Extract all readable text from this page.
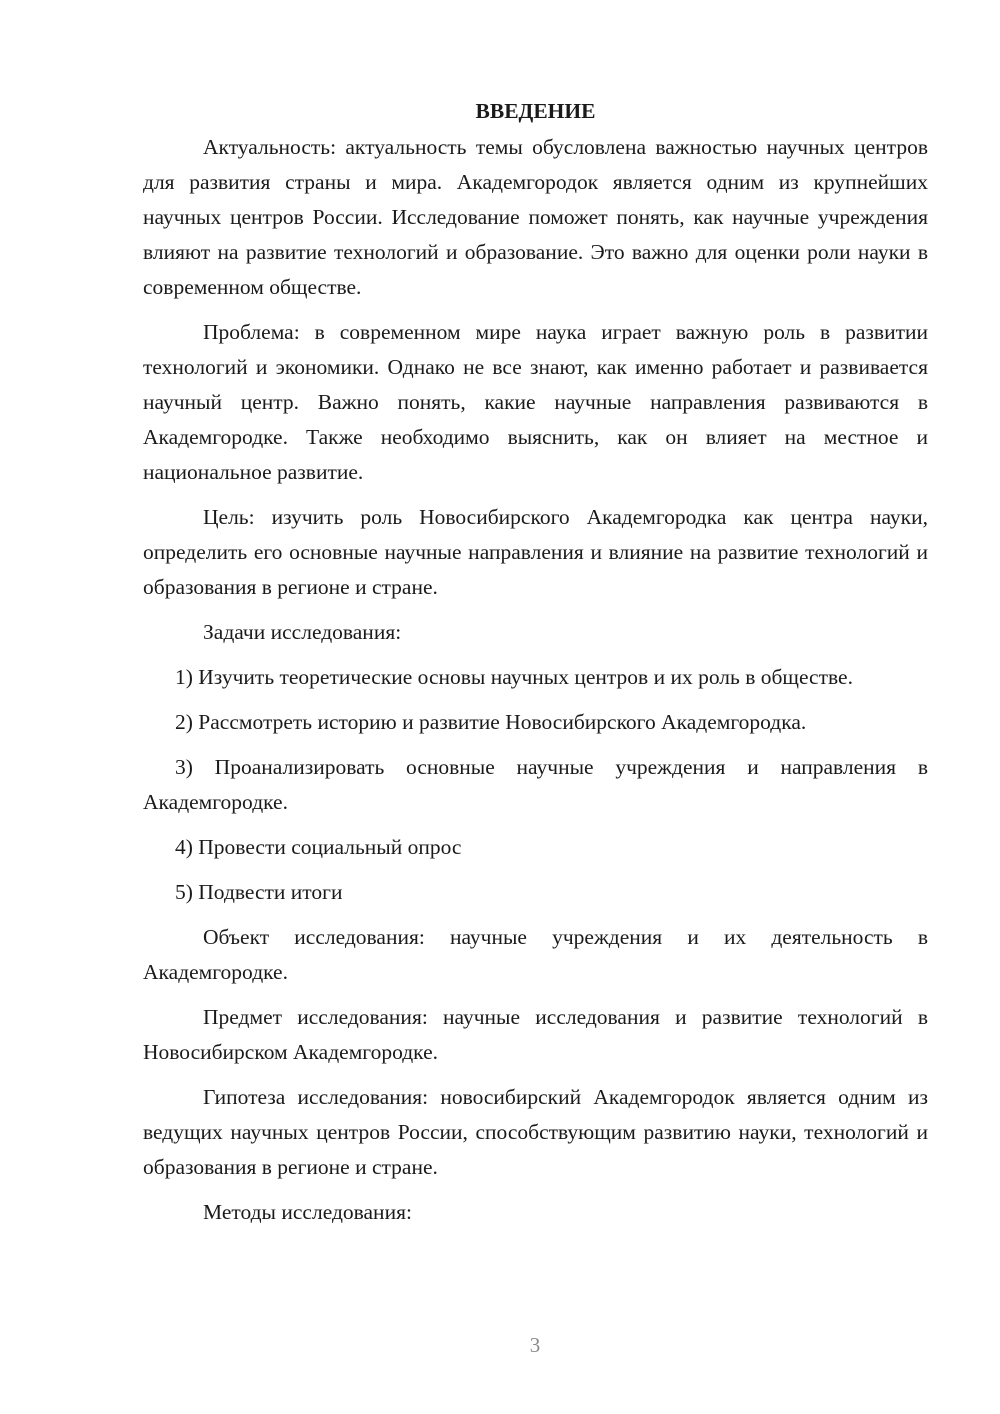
ВВЕДЕНИЕ

Актуальность: актуальность темы обусловлена важностью научных центров для развития страны и мира. Академгородок является одним из крупнейших научных центров России. Исследование поможет понять, как научные учреждения влияют на развитие технологий и образование. Это важно для оценки роли науки в современном обществе.

Проблема: в современном мире наука играет важную роль в развитии технологий и экономики. Однако не все знают, как именно работает и развивается научный центр. Важно понять, какие научные направления развиваются в Академгородке. Также необходимо выяснить, как он влияет на местное и национальное развитие.

Цель: изучить роль Новосибирского Академгородка как центра науки, определить его основные научные направления и влияние на развитие технологий и образования в регионе и стране.

Задачи исследования:

1) Изучить теоретические основы научных центров и их роль в обществе.

2) Рассмотреть историю и развитие Новосибирского Академгородка.

3) Проанализировать основные научные учреждения и направления в Академгородке.

4) Провести социальный опрос

5) Подвести итоги

Объект исследования: научные учреждения и их деятельность в Академгородке.

Предмет исследования: научные исследования и развитие технологий в Новосибирском Академгородке.

Гипотеза исследования: новосибирский Академгородок является одним из ведущих научных центров России, способствующим развитию науки, технологий и образования в регионе и стране.

Методы исследования:

3
